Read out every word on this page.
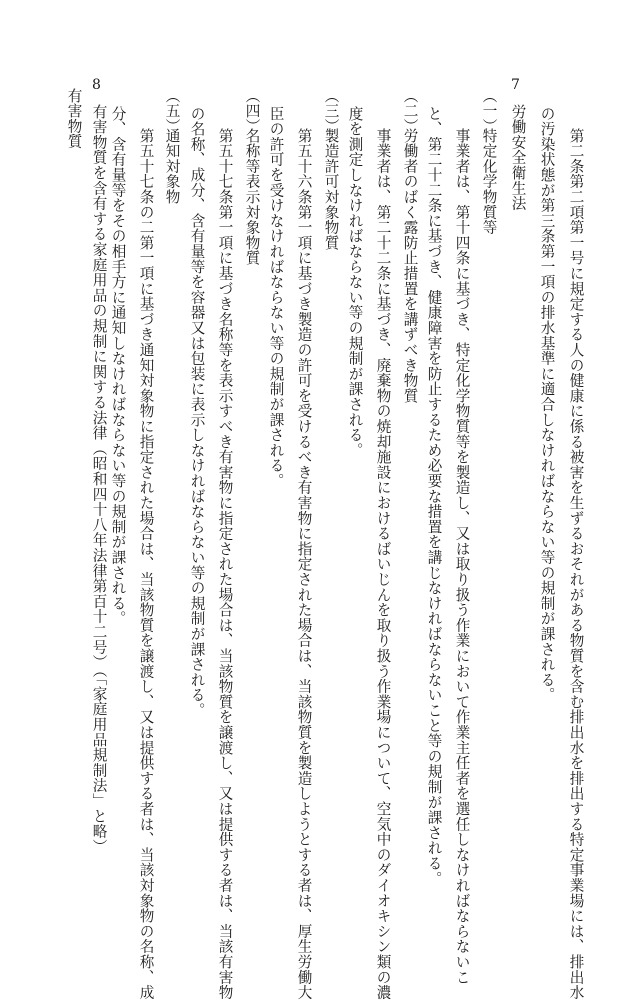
第二条第二項第一号に規定する人の健康に係る被害を生ずるおそれがある物質を含む排出水を排出する特定事業場には、排出水
の汚染状態が第三条第一項の排水基準に適合しなければならない等の規制が課される。
7
労働安全衛生法
（一）
特定化学物質等
事業者は、第十四条に基づき、特定化学物質等を製造し、又は取り扱う作業において作業主任者を選任しなければならないこ
と、第二十二条に基づき、健康障害を防止するため必要な措置を講じなければならないこと等の規制が課される。
（二）
労働者のばく露防止措置を講ずべき物質
事業者は、第二十二条に基づき、廃棄物の焼却施設におけるばいじんを取り扱う作業場について、空気中のダイオキシン類の濃
度を測定しなければならない等の規制が課される。
（三）
製造許可対象物質
第五十六条第一項に基づき製造の許可を受けるべき有害物に指定された場合は、当該物質を製造しようとする者は、厚生労働大
臣の許可を受けなければならない等の規制が課される。
（四）
名称等表示対象物質
第五十七条第一項に基づき名称等を表示すべき有害物に指定された場合は、当該物質を譲渡し、又は提供する者は、当該有害物
の名称、成分、含有量等を容器又は包装に表示しなければならない等の規制が課される。
（五）
通知対象物
第五十七条の二第一項に基づき通知対象物に指定された場合は、当該物質を譲渡し、又は提供する者は、当該対象物の名称、成
分、含有量等をその相手方に通知しなければならない等の規制が課される。
8
有害物質を含有する家庭用品の規制に関する法律（昭和四十八年法律第百十二号）（「家庭用品規制法」と略）
有害物質
